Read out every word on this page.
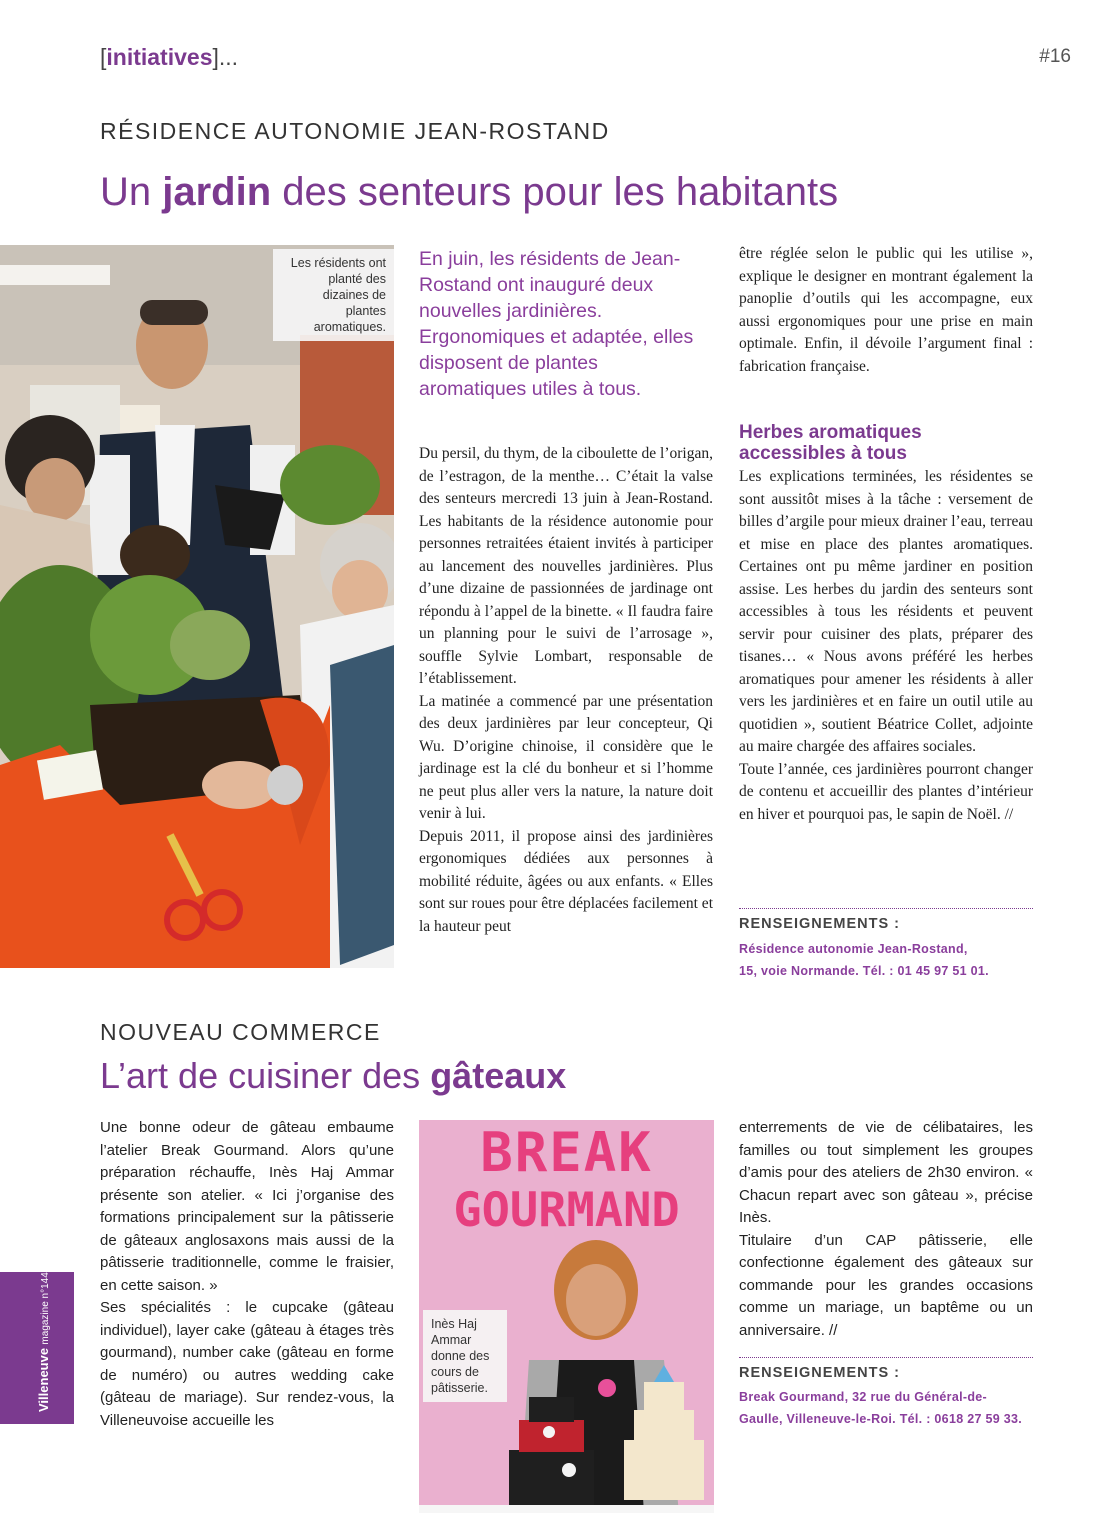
[initiatives]...	#16
RÉSIDENCE AUTONOMIE JEAN-ROSTAND
Un jardin des senteurs pour les habitants
Les résidents ont planté des dizaines de plantes aromatiques.
En juin, les résidents de Jean-Rostand ont inauguré deux nouvelles jardinières. Ergonomiques et adaptée, elles disposent de plantes aromatiques utiles à tous.

Du persil, du thym, de la ciboulette de l’origan, de l’estragon, de la menthe… C’était la valse des senteurs mercredi 13 juin à Jean-Rostand. Les habitants de la résidence autonomie pour personnes retraitées étaient invités à participer au lancement des nouvelles jardinières. Plus d’une dizaine de passionnées de jardinage ont répondu à l’appel de la binette. « Il faudra faire un planning pour le suivi de l’arrosage », souffle Sylvie Lombart, responsable de l’établissement.

La matinée a commencé par une présentation des deux jardinières par leur concepteur, Qi Wu. D’origine chinoise, il considère que le jardinage est la clé du bonheur et si l’homme ne peut plus aller vers la nature, la nature doit venir à lui.

Depuis 2011, il propose ainsi des jardinières ergonomiques dédiées aux personnes à mobilité réduite, âgées ou aux enfants. « Elles sont sur roues pour être déplacées facilement et la hauteur peut

être réglée selon le public qui les utilise », explique le designer en montrant également la panoplie d’outils qui les accompagne, eux aussi ergonomiques pour une prise en main optimale. Enfin, il dévoile l’argument final : fabrication française.

Herbes aromatiques accessibles à tous

Les explications terminées, les résidentes se sont aussitôt mises à la tâche : versement de billes d’argile pour mieux drainer l’eau, terreau et mise en place des plantes aromatiques. Certaines ont pu même jardiner en position assise. Les herbes du jardin des senteurs sont accessibles à tous les résidents et peuvent servir pour cuisiner des plats, préparer des tisanes… « Nous avons préféré les herbes aromatiques pour amener les résidents à aller vers les jardinières et en faire un outil utile au quotidien », soutient Béatrice Collet, adjointe au maire chargée des affaires sociales.

Toute l’année, ces jardinières pourront changer de contenu et accueillir des plantes d’intérieur en hiver et pourquoi pas, le sapin de Noël. //

RENSEIGNEMENTS :
Résidence autonomie Jean-Rostand,
15, voie Normande. Tél. : 01 45 97 51 01.
NOUVEAU COMMERCE
L’art de cuisiner des gâteaux

Une bonne odeur de gâteau embaume l’atelier Break Gourmand. Alors qu’une préparation réchauffe, Inès Haj Ammar présente son atelier. « Ici j’organise des formations principalement sur la pâtisserie de gâteaux anglosaxons mais aussi de la pâtisserie traditionnelle, comme le fraisier, en cette saison. »

Ses spécialités : le cupcake (gâteau individuel), layer cake (gâteau à étages très gourmand), number cake (gâteau en forme de numéro) ou autres wedding cake (gâteau de mariage). Sur rendez-vous, la Villeneuvoise accueille les

BREAK
GOURMAND
Inès Haj Ammar donne des cours de pâtisserie.

enterrements de vie de célibataires, les familles ou tout simplement les groupes d’amis pour des ateliers de 2h30 environ. « Chacun repart avec son gâteau », précise Inès.

Titulaire d’un CAP pâtisserie, elle confectionne également des gâteaux sur commande pour les grandes occasions comme un mariage, un baptême ou un anniversaire. //

RENSEIGNEMENTS :
Break Gourmand, 32 rue du Général-de-
Gaulle, Villeneuve-le-Roi. Tél. : 0618 27 59 33.
Villeneuve magazine n°144
